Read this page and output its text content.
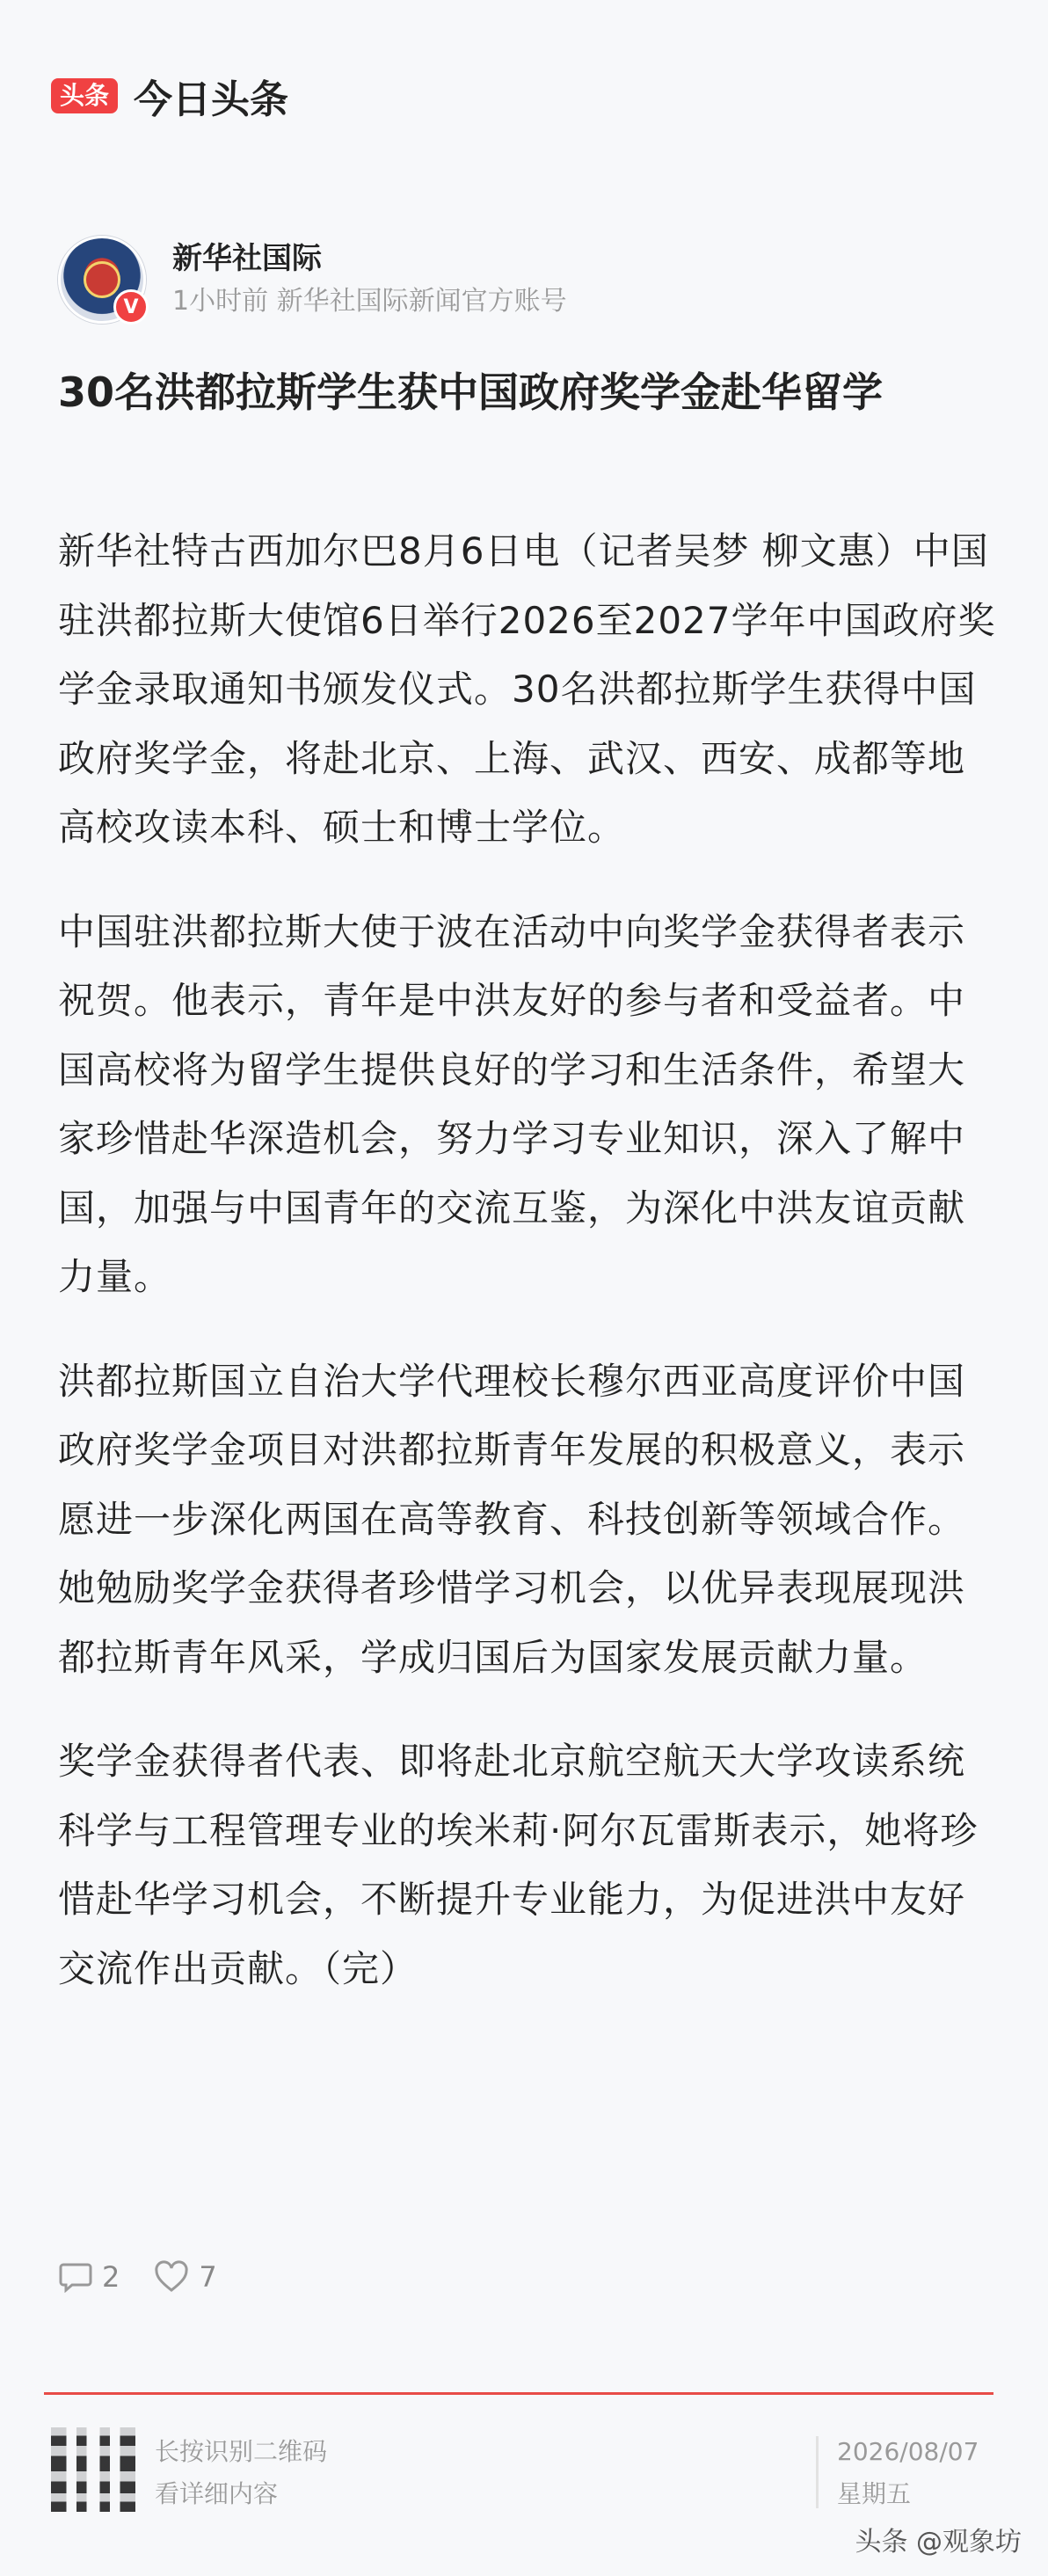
头条 今日头条
V
新华社国际
1小时前 新华社国际新闻官方账号
30名洪都拉斯学生获中国政府奖学金赴华留学

新华社特古西加尔巴8月6日电（记者吴梦 柳文惠）中国驻洪都拉斯大使馆6日举行2026至2027学年中国政府奖学金录取通知书颁发仪式。30名洪都拉斯学生获得中国政府奖学金，将赴北京、上海、武汉、西安、成都等地高校攻读本科、硕士和博士学位。

中国驻洪都拉斯大使于波在活动中向奖学金获得者表示祝贺。他表示，青年是中洪友好的参与者和受益者。中国高校将为留学生提供良好的学习和生活条件，希望大家珍惜赴华深造机会，努力学习专业知识，深入了解中国，加强与中国青年的交流互鉴，为深化中洪友谊贡献力量。

洪都拉斯国立自治大学代理校长穆尔西亚高度评价中国政府奖学金项目对洪都拉斯青年发展的积极意义，表示愿进一步深化两国在高等教育、科技创新等领域合作。她勉励奖学金获得者珍惜学习机会，以优异表现展现洪都拉斯青年风采，学成归国后为国家发展贡献力量。

奖学金获得者代表、即将赴北京航空航天大学攻读系统科学与工程管理专业的埃米莉·阿尔瓦雷斯表示，她将珍惜赴华学习机会，不断提升专业能力，为促进洪中友好交流作出贡献。（完）

2	7
长按识别二维码
看详细内容
2026/08/07
星期五
头条 @观象坊
